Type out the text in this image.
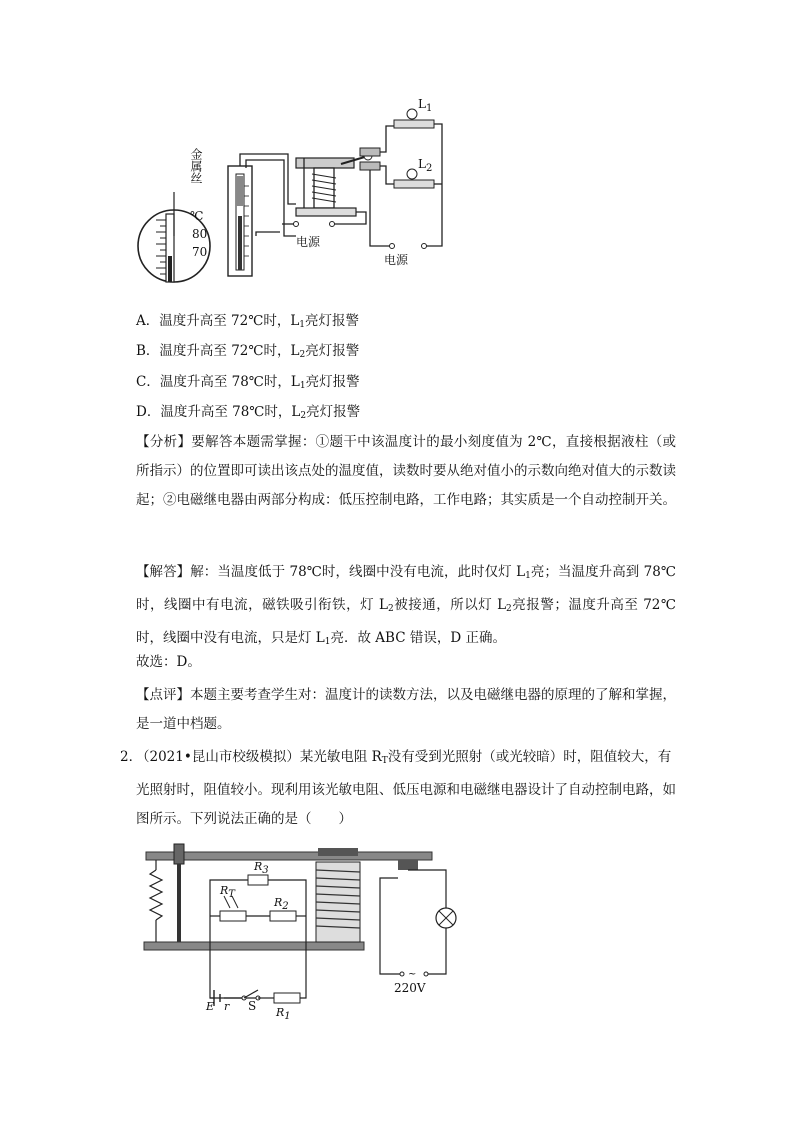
℃
80
70
金属丝
$L_1$
$L_2$
电源
电源
A．温度升高至 72℃时，$L_1$亮灯报警
B．温度升高至 72℃时，$L_2$亮灯报警
C．温度升高至 78℃时，$L_1$亮灯报警
D．温度升高至 78℃时，$L_2$亮灯报警
【分析】要解答本题需掌握：①题干中该温度计的最小刻度值为 2℃，直接根据液柱（或所指示）的位置即可读出该点处的温度值，读数时要从绝对值小的示数向绝对值大的示数读起；②电磁继电器由两部分构成：低压控制电路，工作电路；其实质是一个自动控制开关。
【解答】解：当温度低于 78℃时，线圈中没有电流，此时仅灯 $L_1$亮；当温度升高到 78℃时，线圈中有电流，磁铁吸引衔铁，灯 $L_2$被接通，所以灯 $L_2$亮报警；温度升高至 72℃时，线圈中没有电流，只是灯 $L_1$亮．故 ABC 错误，D 正确。
故选：D。
【点评】本题主要考查学生对：温度计的读数方法，以及电磁继电器的原理的了解和掌握，是一道中档题。
2．
（2021•昆山市校级模拟）某光敏电阻 $R_T$没有受到光照射（或光较暗）时，阻值较大，有光照射时，阻值较小。现利用该光敏电阻、低压电源和电磁继电器设计了自动控制电路，如图所示。下列说法正确的是（　　）
~
220V
R3
RT
R2
R1
E r S
